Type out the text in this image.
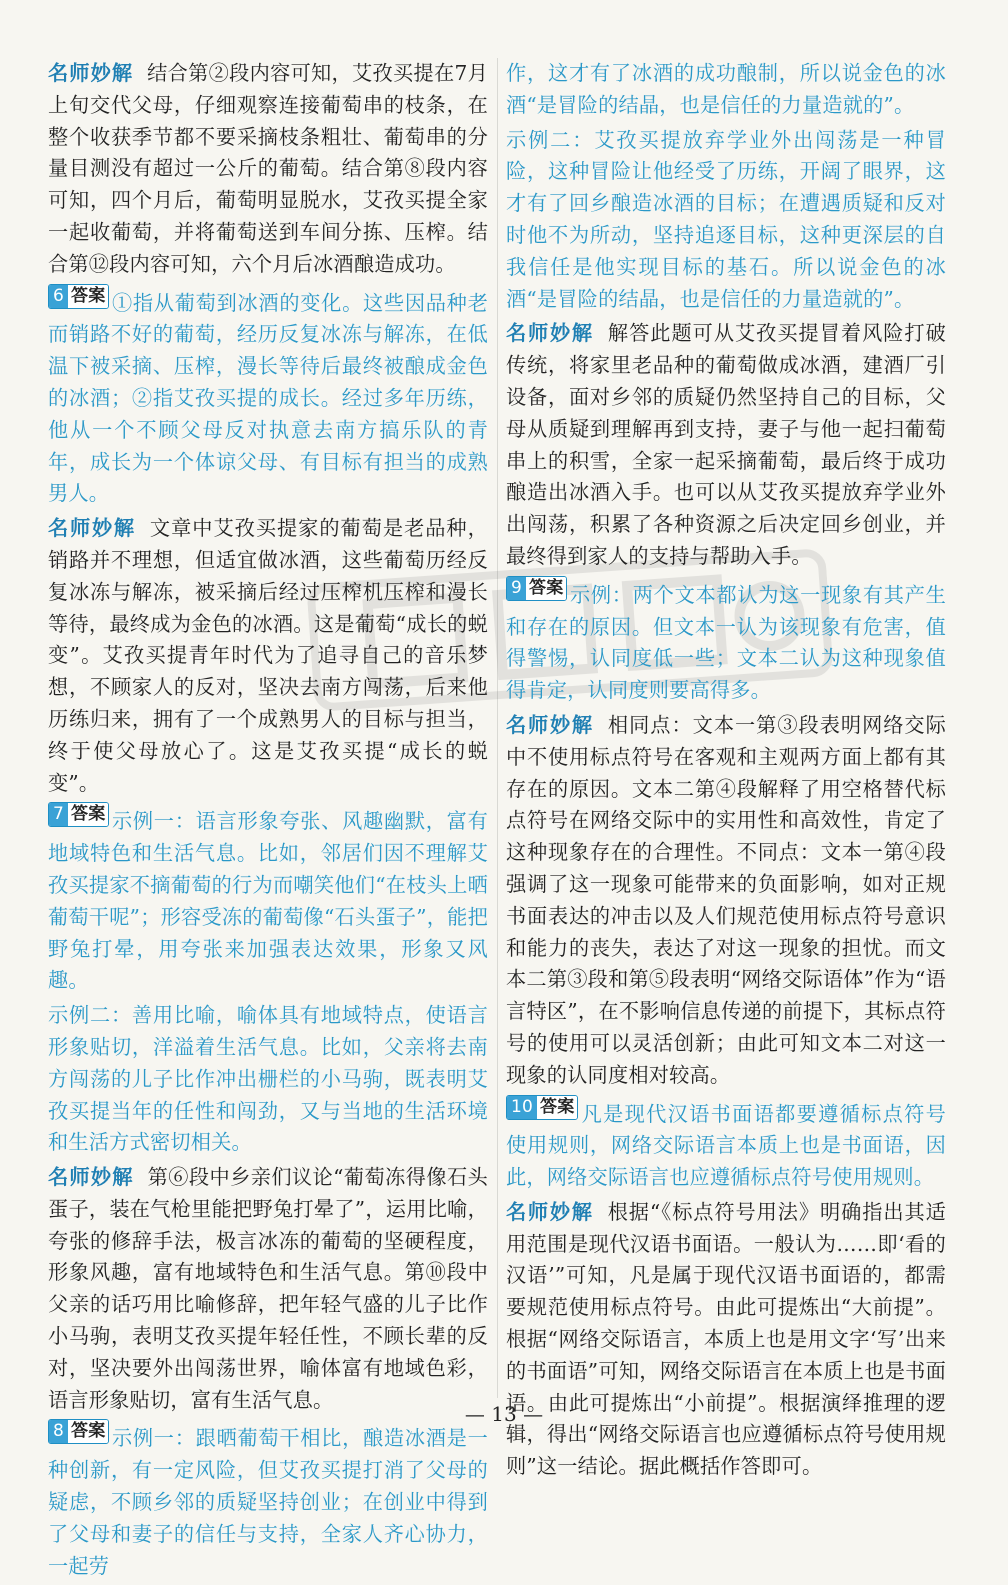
名师妙解 结合第②段内容可知，艾孜买提在7月上旬交代父母，仔细观察连接葡萄串的枝条，在整个收获季节都不要采摘枝条粗壮、葡萄串的分量目测没有超过一公斤的葡萄。结合第⑧段内容可知，四个月后，葡萄明显脱水，艾孜买提全家一起收葡萄，并将葡萄送到车间分拣、压榨。结合第⑫段内容可知，六个月后冰酒酿造成功。

6 答案 ①指从葡萄到冰酒的变化。这些因品种老而销路不好的葡萄，经历反复冰冻与解冻，在低温下被采摘、压榨，漫长等待后最终被酿成金色的冰酒；②指艾孜买提的成长。经过多年历练，他从一个不顾父母反对执意去南方搞乐队的青年，成长为一个体谅父母、有目标有担当的成熟男人。

名师妙解 文章中艾孜买提家的葡萄是老品种，销路并不理想，但适宜做冰酒，这些葡萄历经反复冰冻与解冻，被采摘后经过压榨机压榨和漫长等待，最终成为金色的冰酒。这是葡萄“成长的蜕变”。艾孜买提青年时代为了追寻自己的音乐梦想，不顾家人的反对，坚决去南方闯荡，后来他历练归来，拥有了一个成熟男人的目标与担当，终于使父母放心了。这是艾孜买提“成长的蜕变”。

7 答案 示例一：语言形象夸张、风趣幽默，富有地域特色和生活气息。比如，邻居们因不理解艾孜买提家不摘葡萄的行为而嘲笑他们“在枝头上晒葡萄干呢”；形容受冻的葡萄像“石头蛋子”，能把野兔打晕，用夸张来加强表达效果，形象又风趣。

示例二：善用比喻，喻体具有地域特点，使语言形象贴切，洋溢着生活气息。比如，父亲将去南方闯荡的儿子比作冲出栅栏的小马驹，既表明艾孜买提当年的任性和闯劲，又与当地的生活环境和生活方式密切相关。

名师妙解 第⑥段中乡亲们议论“葡萄冻得像石头蛋子，装在气枪里能把野兔打晕了”，运用比喻，夸张的修辞手法，极言冰冻的葡萄的坚硬程度，形象风趣，富有地域特色和生活气息。第⑩段中父亲的话巧用比喻修辞，把年轻气盛的儿子比作小马驹，表明艾孜买提年轻任性，不顾长辈的反对，坚决要外出闯荡世界，喻体富有地域色彩，语言形象贴切，富有生活气息。

8 答案 示例一：跟晒葡萄干相比，酿造冰酒是一种创新，有一定风险，但艾孜买提打消了父母的疑虑，不顾乡邻的质疑坚持创业；在创业中得到了父母和妻子的信任与支持，全家人齐心协力，一起劳

作，这才有了冰酒的成功酿制，所以说金色的冰酒“是冒险的结晶，也是信任的力量造就的”。

示例二：艾孜买提放弃学业外出闯荡是一种冒险，这种冒险让他经受了历练，开阔了眼界，这才有了回乡酿造冰酒的目标；在遭遇质疑和反对时他不为所动，坚持追逐目标，这种更深层的自我信任是他实现目标的基石。所以说金色的冰酒“是冒险的结晶，也是信任的力量造就的”。

名师妙解 解答此题可从艾孜买提冒着风险打破传统，将家里老品种的葡萄做成冰酒，建酒厂引设备，面对乡邻的质疑仍然坚持自己的目标，父母从质疑到理解再到支持，妻子与他一起扫葡萄串上的积雪，全家一起采摘葡萄，最后终于成功酿造出冰酒入手。也可以从艾孜买提放弃学业外出闯荡，积累了各种资源之后决定回乡创业，并最终得到家人的支持与帮助入手。

9 答案 示例：两个文本都认为这一现象有其产生和存在的原因。但文本一认为该现象有危害，值得警惕，认同度低一些；文本二认为这种现象值得肯定，认同度则要高得多。

名师妙解 相同点：文本一第③段表明网络交际中不使用标点符号在客观和主观两方面上都有其存在的原因。文本二第④段解释了用空格替代标点符号在网络交际中的实用性和高效性，肯定了这种现象存在的合理性。不同点：文本一第④段强调了这一现象可能带来的负面影响，如对正规书面表达的冲击以及人们规范使用标点符号意识和能力的丧失，表达了对这一现象的担忧。而文本二第③段和第⑤段表明“网络交际语体”作为“语言特区”，在不影响信息传递的前提下，其标点符号的使用可以灵活创新；由此可知文本二对这一现象的认同度相对较高。

10 答案 凡是现代汉语书面语都要遵循标点符号使用规则，网络交际语言本质上也是书面语，因此，网络交际语言也应遵循标点符号使用规则。

名师妙解 根据“《标点符号用法》明确指出其适用范围是现代汉语书面语。一般认为……即‘看的汉语’”可知，凡是属于现代汉语书面语的，都需要规范使用标点符号。由此可提炼出“大前提”。根据“网络交际语言，本质上也是用文字‘写’出来的书面语”可知，网络交际语言在本质上也是书面语。由此可提炼出“小前提”。根据演绎推理的逻辑，得出“网络交际语言也应遵循标点符号使用规则”这一结论。据此概括作答即可。

— 13 —
